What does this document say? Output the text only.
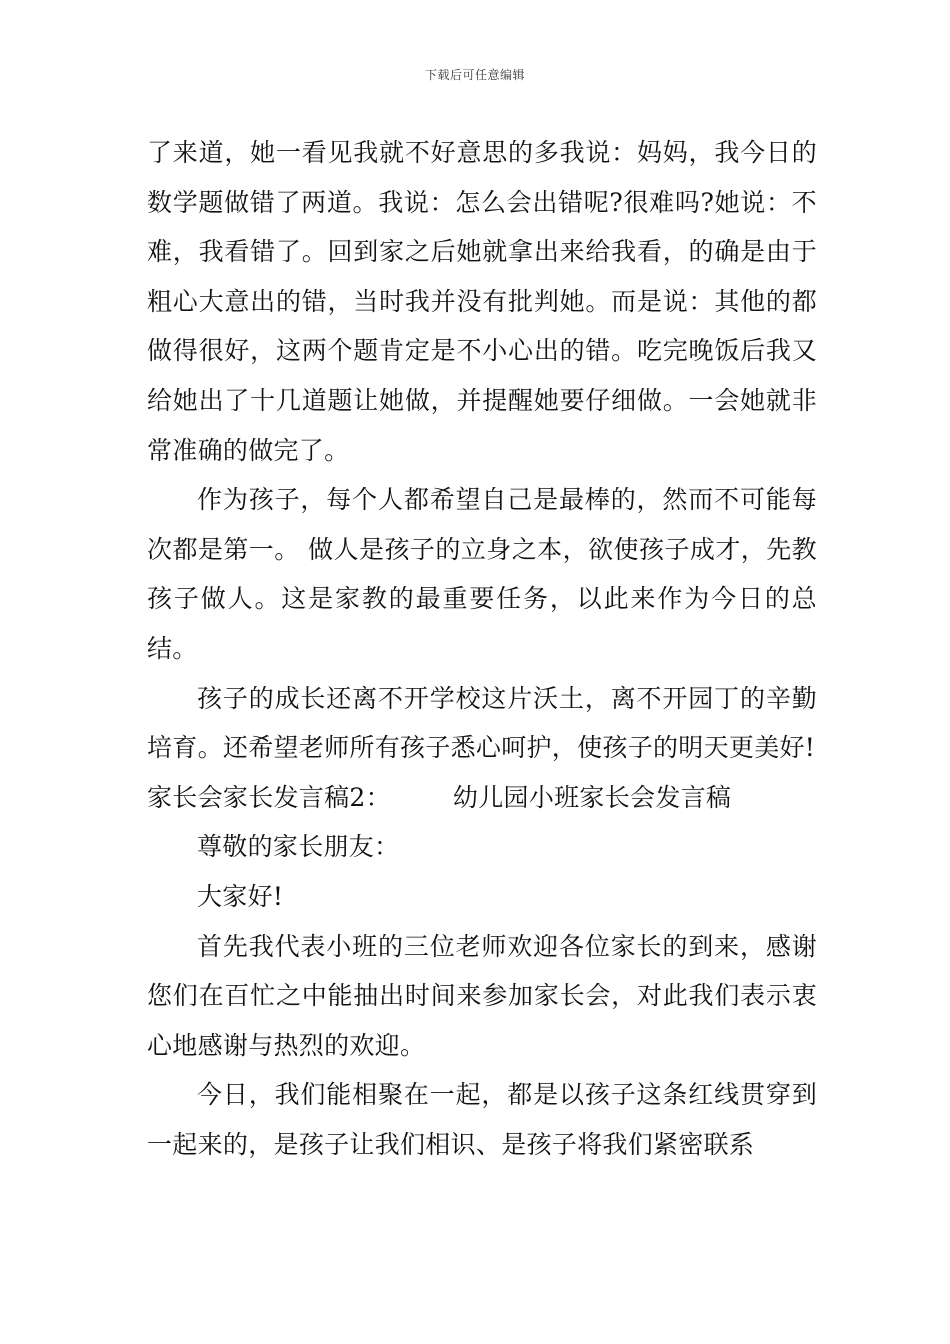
下载后可任意编辑

了来道，她一看见我就不好意思的多我说：妈妈，我今日的数学题做错了两道。我说：怎么会出错呢?很难吗?她说：不难，我看错了。回到家之后她就拿出来给我看，的确是由于粗心大意出的错，当时我并没有批判她。而是说：其他的都做得很好，这两个题肯定是不小心出的错。吃完晚饭后我又给她出了十几道题让她做，并提醒她要仔细做。一会她就非常准确的做完了。

作为孩子，每个人都希望自己是最棒的，然而不可能每次都是第一。 做人是孩子的立身之本，欲使孩子成才，先教孩子做人。这是家教的最重要任务，以此来作为今日的总结。

孩子的成长还离不开学校这片沃土，离不开园丁的辛勤培育。还希望老师所有孩子悉心呵护，使孩子的明天更美好!

家长会家长发言稿2： 幼儿园小班家长会发言稿

尊敬的家长朋友：

大家好!

首先我代表小班的三位老师欢迎各位家长的到来，感谢您们在百忙之中能抽出时间来参加家长会，对此我们表示衷心地感谢与热烈的欢迎。

今日，我们能相聚在一起，都是以孩子这条红线贯穿到一起来的，是孩子让我们相识、是孩子将我们紧密联系
